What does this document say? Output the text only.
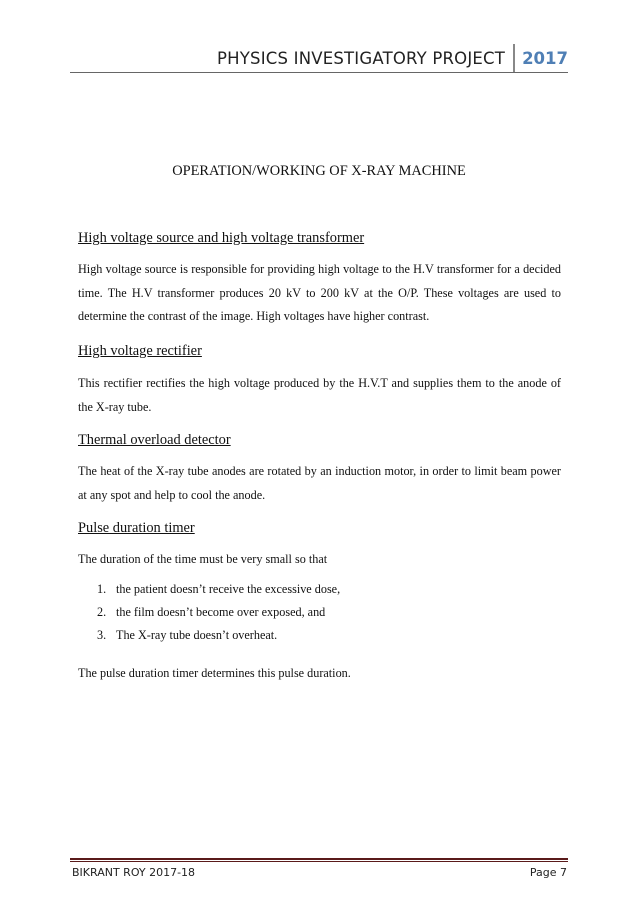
PHYSICS INVESTIGATORY PROJECT	2017
OPERATION/WORKING OF X-RAY MACHINE
High voltage source and high voltage transformer

High voltage source is responsible for providing high voltage to the H.V transformer for a decided time. The H.V transformer produces 20 kV to 200 kV at the O/P. These voltages are used to determine the contrast of the image. High voltages have higher contrast.

High voltage rectifier

This rectifier rectifies the high voltage produced by the H.V.T and supplies them to the anode of the X-ray tube.

Thermal overload detector

The heat of the X-ray tube anodes are rotated by an induction motor, in order to limit beam power at any spot and help to cool the anode.

Pulse duration timer

The duration of the time must be very small so that

1. the patient doesn’t receive the excessive dose,
2. the film doesn’t become over exposed, and
3. The X-ray tube doesn’t overheat.

The pulse duration timer determines this pulse duration.

BIKRANT ROY 2017-18	Page 7
